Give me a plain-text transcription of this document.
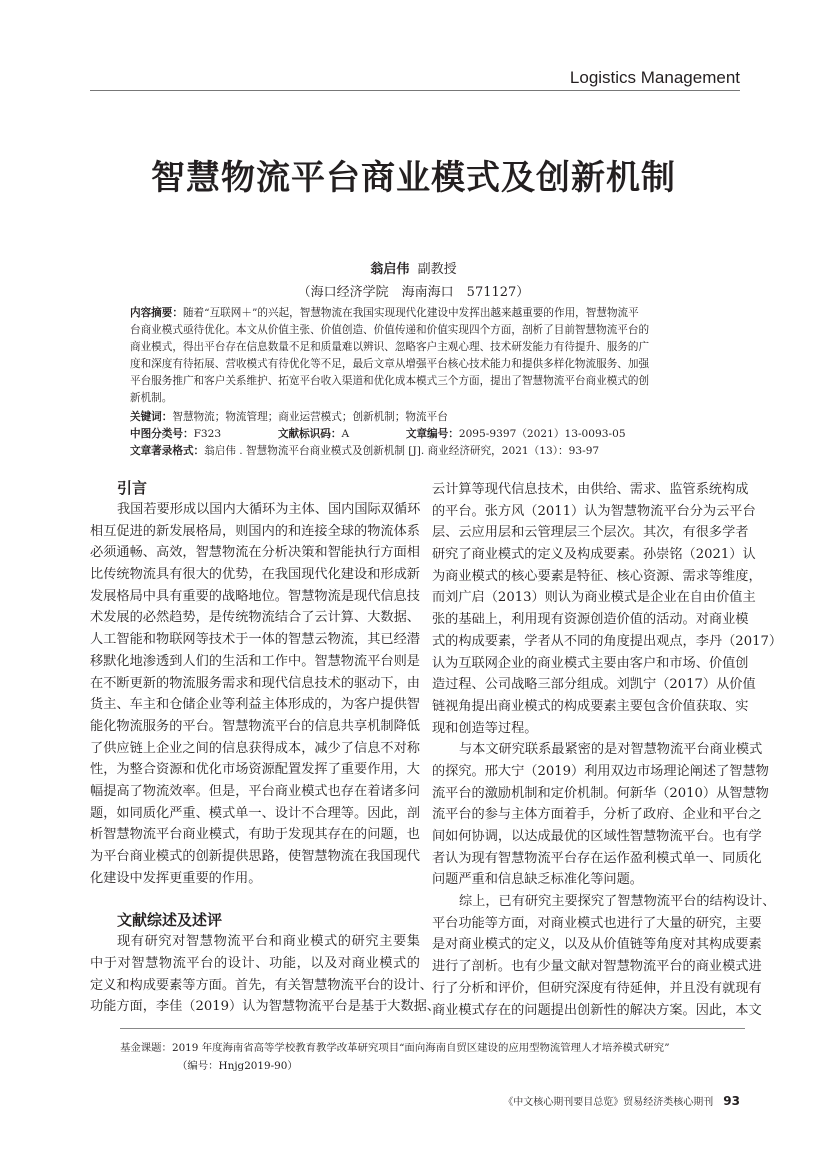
Logistics Management
智慧物流平台商业模式及创新机制
翁启伟 副教授
（海口经济学院　海南海口　571127）
内容摘要：随着“互联网＋”的兴起，智慧物流在我国实现现代化建设中发挥出越来越重要的作用，智慧物流平
台商业模式亟待优化。本文从价值主张、价值创造、价值传递和价值实现四个方面，剖析了目前智慧物流平台的
商业模式，得出平台存在信息数量不足和质量难以辨识、忽略客户主观心理、技术研发能力有待提升、服务的广
度和深度有待拓展、营收模式有待优化等不足，最后文章从增强平台核心技术能力和提供多样化物流服务、加强
平台服务推广和客户关系维护、拓宽平台收入渠道和优化成本模式三个方面，提出了智慧物流平台商业模式的创
新机制。
关键词：智慧物流；物流管理；商业运营模式；创新机制；物流平台
中图分类号：F323	文献标识码：A	文章编号：2095-9397（2021）13-0093-05
文章著录格式：翁启伟 . 智慧物流平台商业模式及创新机制 [J]. 商业经济研究，2021（13）：93-97
引言
我国若要形成以国内大循环为主体、国内国际双循环
相互促进的新发展格局，则国内的和连接全球的物流体系
必须通畅、高效，智慧物流在分析决策和智能执行方面相
比传统物流具有很大的优势，在我国现代化建设和形成新
发展格局中具有重要的战略地位。智慧物流是现代信息技
术发展的必然趋势，是传统物流结合了云计算、大数据、
人工智能和物联网等技术于一体的智慧云物流，其已经潜
移默化地渗透到人们的生活和工作中。智慧物流平台则是
在不断更新的物流服务需求和现代信息技术的驱动下，由
货主、车主和仓储企业等利益主体形成的，为客户提供智
能化物流服务的平台。智慧物流平台的信息共享机制降低
了供应链上企业之间的信息获得成本，减少了信息不对称
性，为整合资源和优化市场资源配置发挥了重要作用，大
幅提高了物流效率。但是，平台商业模式也存在着诸多问
题，如同质化严重、模式单一、设计不合理等。因此，剖
析智慧物流平台商业模式，有助于发现其存在的问题，也
为平台商业模式的创新提供思路，使智慧物流在我国现代
化建设中发挥更重要的作用。
文献综述及述评
现有研究对智慧物流平台和商业模式的研究主要集
中于对智慧物流平台的设计、功能，以及对商业模式的
定义和构成要素等方面。首先，有关智慧物流平台的设计、
功能方面，李佳（2019）认为智慧物流平台是基于大数据、
云计算等现代信息技术，由供给、需求、监管系统构成
的平台。张方风（2011）认为智慧物流平台分为云平台
层、云应用层和云管理层三个层次。其次，有很多学者
研究了商业模式的定义及构成要素。孙崇铭（2021）认
为商业模式的核心要素是特征、核心资源、需求等维度，
而刘广启（2013）则认为商业模式是企业在自由价值主
张的基础上，利用现有资源创造价值的活动。对商业模
式的构成要素，学者从不同的角度提出观点，李丹（2017）
认为互联网企业的商业模式主要由客户和市场、价值创
造过程、公司战略三部分组成。刘凯宁（2017）从价值
链视角提出商业模式的构成要素主要包含价值获取、实
现和创造等过程。
与本文研究联系最紧密的是对智慧物流平台商业模式
的探究。邢大宁（2019）利用双边市场理论阐述了智慧物
流平台的激励机制和定价机制。何新华（2010）从智慧物
流平台的参与主体方面着手，分析了政府、企业和平台之
间如何协调，以达成最优的区域性智慧物流平台。也有学
者认为现有智慧物流平台存在运作盈利模式单一、同质化
问题严重和信息缺乏标准化等问题。
综上，已有研究主要探究了智慧物流平台的结构设计、
平台功能等方面，对商业模式也进行了大量的研究，主要
是对商业模式的定义，以及从价值链等角度对其构成要素
进行了剖析。也有少量文献对智慧物流平台的商业模式进
行了分析和评价，但研究深度有待延伸，并且没有就现有
商业模式存在的问题提出创新性的解决方案。因此，本文
基金课题：2019 年度海南省高等学校教育教学改革研究项目“面向海南自贸区建设的应用型物流管理人才培养模式研究”
（编号：Hnjg2019-90）
《中文核心期刊要目总览》贸易经济类核心期刊 93
